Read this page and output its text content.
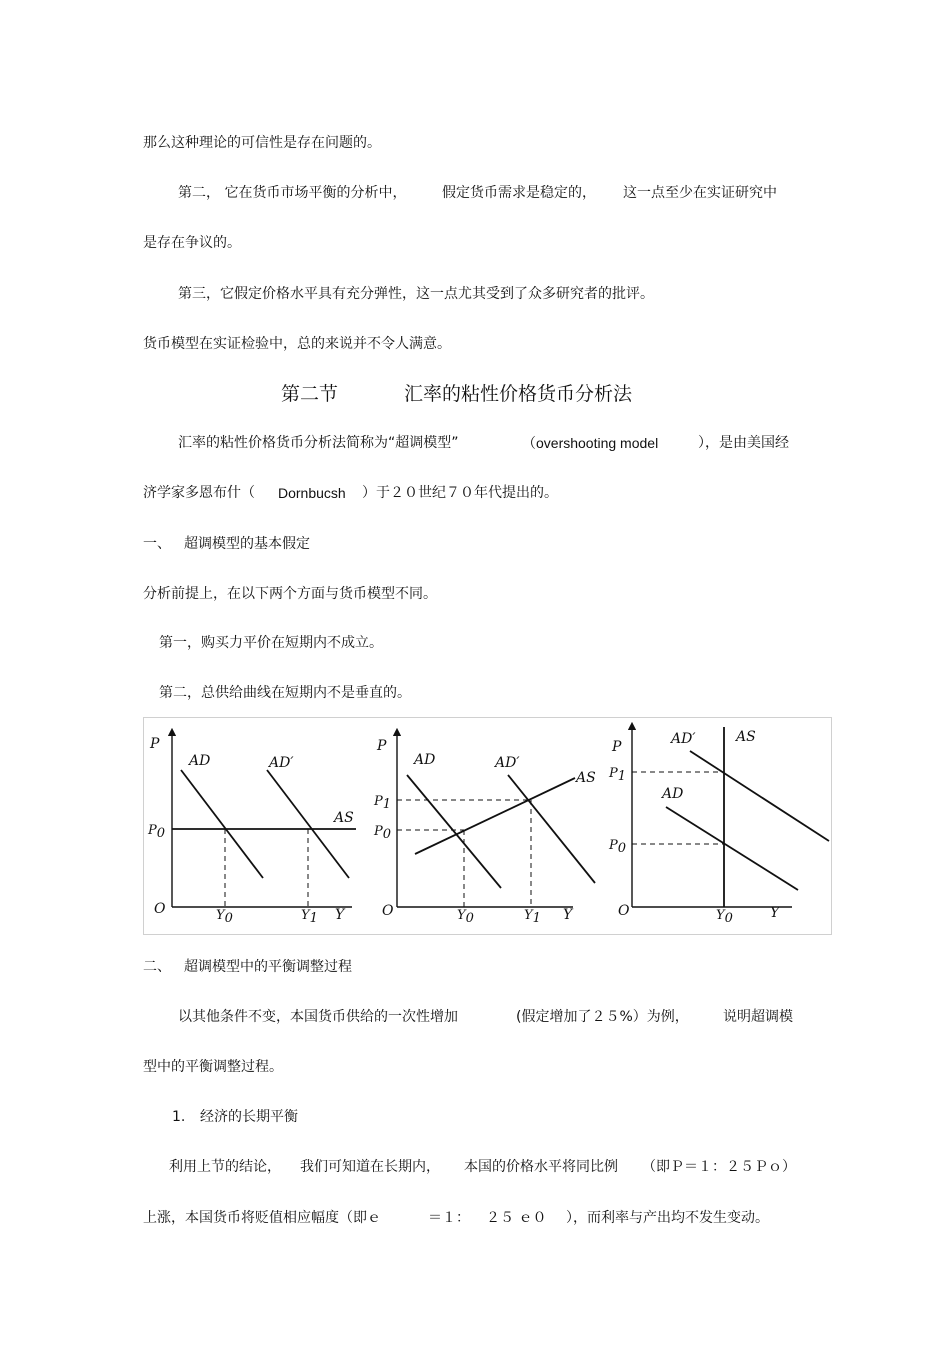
那么这种理论的可信性是存在问题的。
第二， 它在货币市场平衡的分析中，	假定货币需求是稳定的， 这一点至少在实证研究中
是存在争议的。
第三，它假定价格水平具有充分弹性，这一点尤其受到了众多研究者的批评。
货币模型在实证检验中，总的来说并不令人满意。
第二节	汇率的粘性价格货币分析法
汇率的粘性价格货币分析法简称为“超调模型”	（overshooting model	），是由美国经
济学家多恩布什（ Dornbucsh ）于２０世纪７０年代提出的。
一、 超调模型的基本假定
分析前提上，在以下两个方面与货币模型不同。
第一，购买力平价在短期内不成立。
第二，总供给曲线在短期内不是垂直的。
P
AD	AD′
AS
P0
O	Y0	Y1 Y
P
AD	AD′
AS
P1
P0
O	Y0	Y1 Y
P	AD′	AS
AD
P1
P0
O	Y0	Y
二、 超调模型中的平衡调整过程
以其他条件不变，本国货币供给的一次性增加	(假定增加了２５%）为例， 说明超调模
型中的平衡调整过程。
1. 经济的长期平衡
利用上节的结论， 我们可知道在长期内， 本国的价格水平将同比例 （即Ｐ＝１：２５Ｐｏ）
上涨，本国货币将贬值相应幅度（即ｅ	＝１： ２５ ｅ０ ），而利率与产出均不发生变动。
